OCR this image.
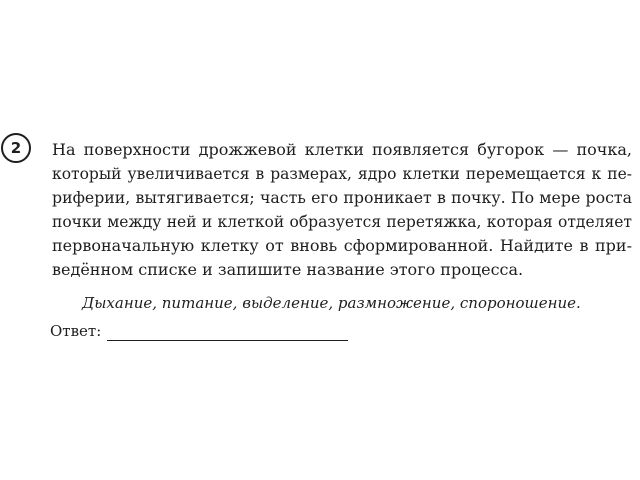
2 На поверхности дрожжевой клетки появляется бугорок — почка,
который увеличивается в размерах, ядро клетки перемещается к пе-
риферии, вытягивается; часть его проникает в почку. По мере роста
почки между ней и клеткой образуется перетяжка, которая отделяет
первоначальную клетку от вновь сформированной. Найдите в при-
ведённом списке и запишите название этого процесса.
Дыхание, питание, выделение, размножение, спороношение.
Ответ:
